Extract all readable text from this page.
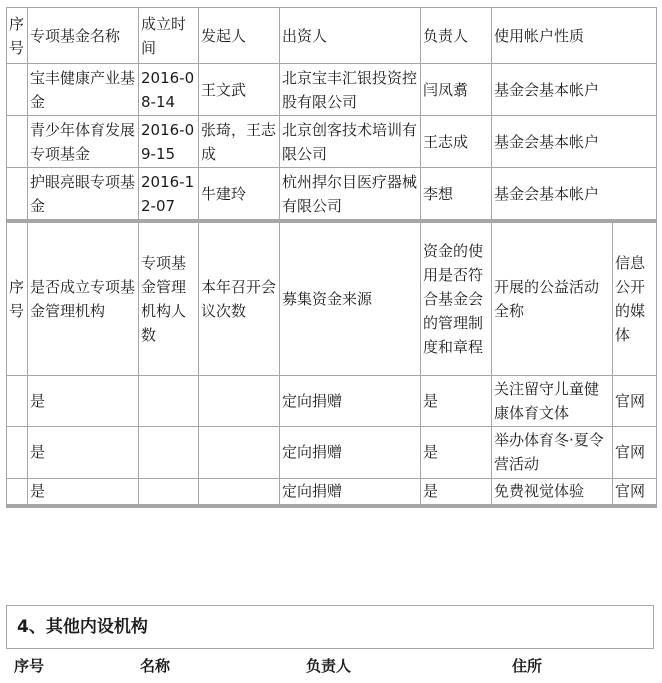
序号	专项基金名称	成立时间	发起人	出资人	负责人	使用帐户性质
	宝丰健康产业基金	2016-08-14	王文武	北京宝丰汇银投资控股有限公司	闫凤翥	基金会基本帐户
	青少年体育发展专项基金	2016-09-15	张琦，王志成	北京创客技术培训有限公司	王志成	基金会基本帐户
	护眼亮眼专项基金	2016-12-07	牛建玲	杭州捍尔目医疗器械有限公司	李想	基金会基本帐户
序号	是否成立专项基金管理机构	专项基金管理机构人数	本年召开会议次数	募集资金来源	资金的使用是否符合基金会的管理制度和章程	开展的公益活动全称	信息公开的媒体
	是			定向捐赠	是	关注留守儿童健康体育文体	官网
	是			定向捐赠	是	举办体育冬·夏令营活动	官网
	是			定向捐赠	是	免费视觉体验	官网
4、其他内设机构
序号	名称	负责人	住所
